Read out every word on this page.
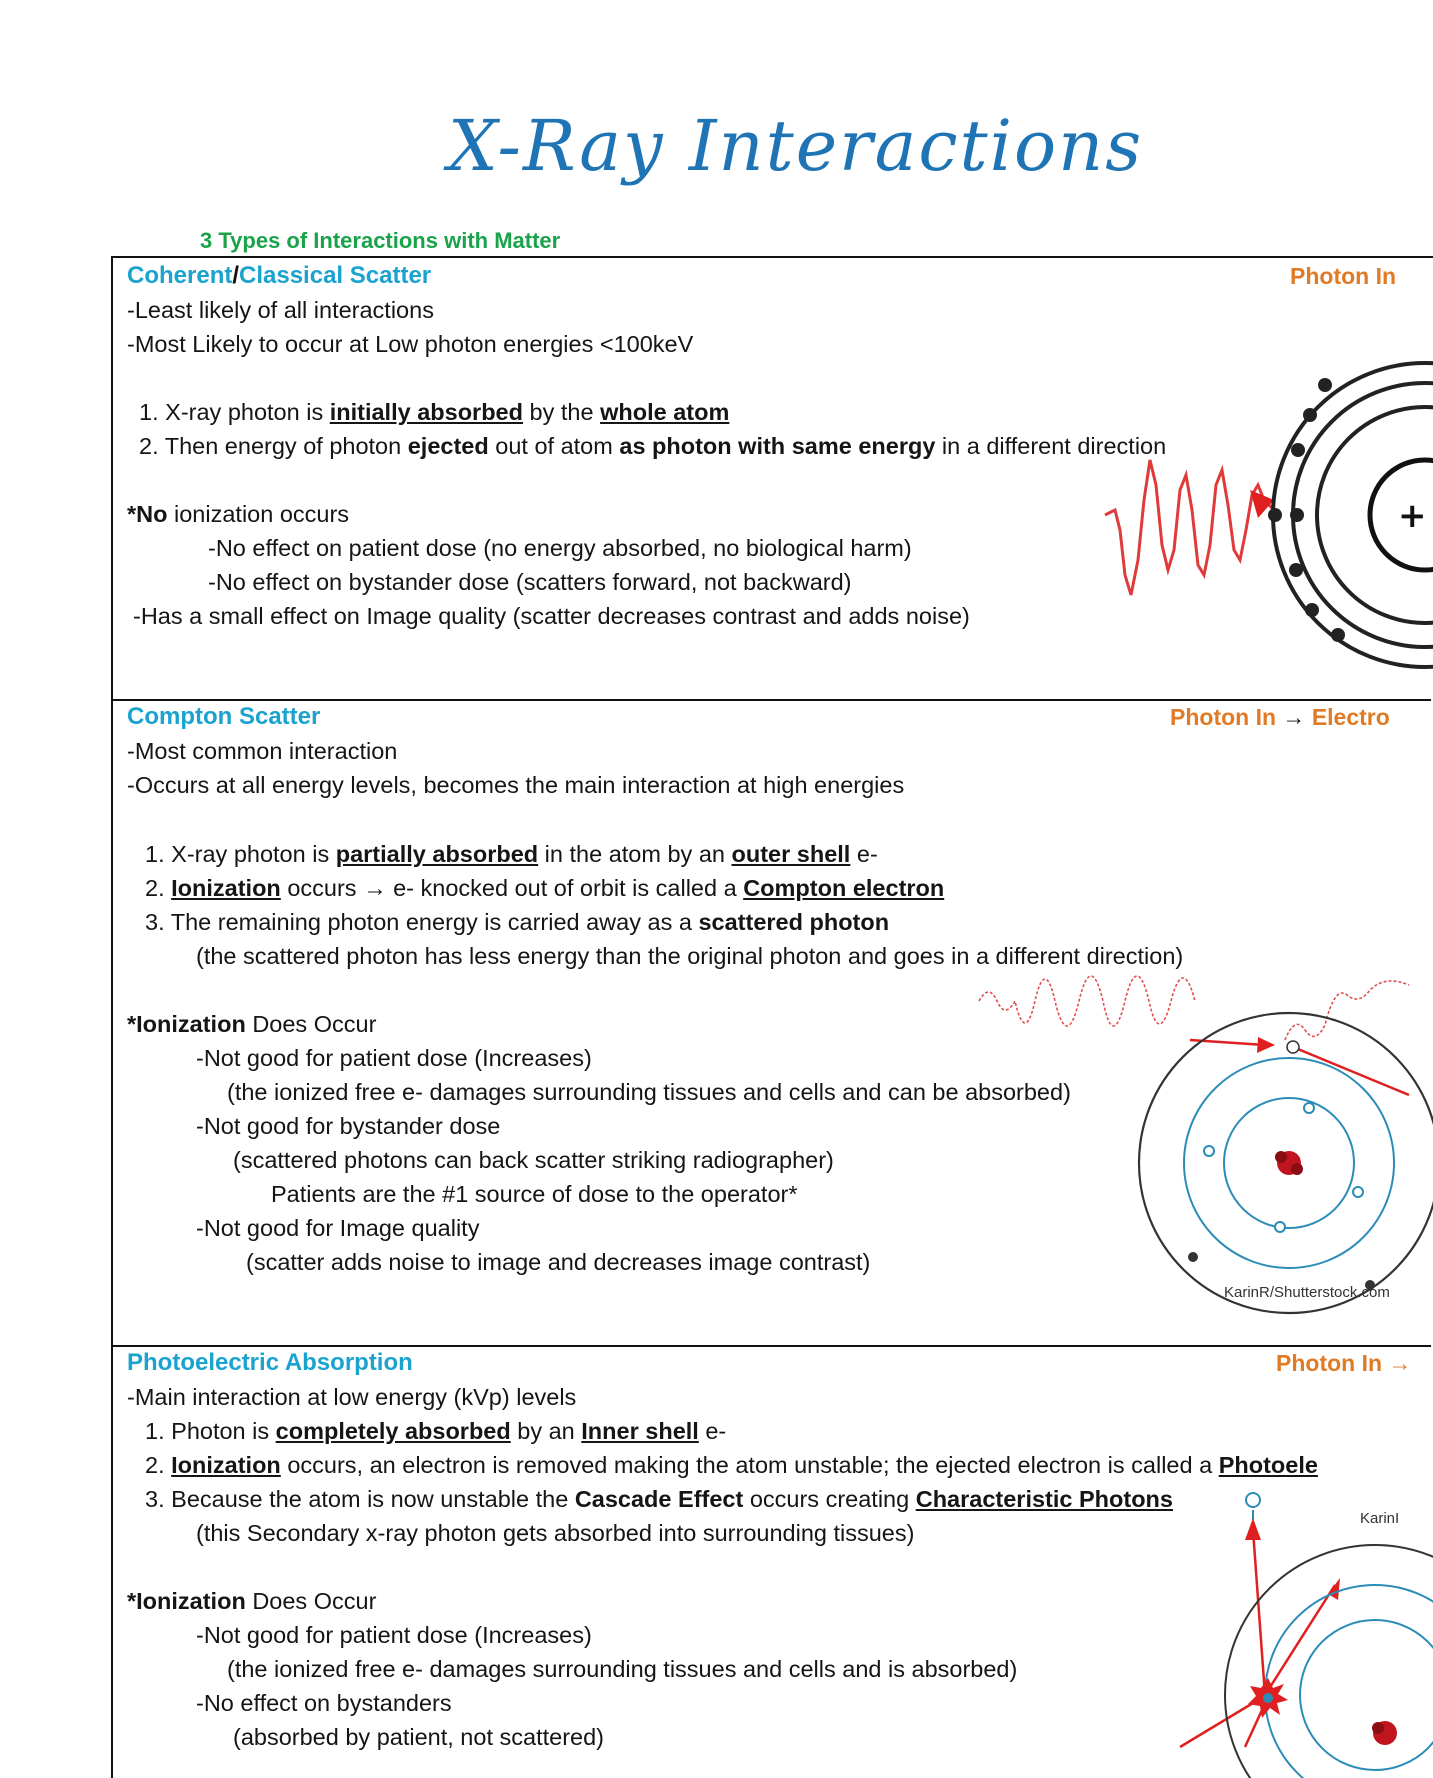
X-Ray Interactions
3 Types of Interactions with Matter
Coherent/Classical Scatter	Photon In
-Least likely of all interactions
-Most Likely to occur at Low photon energies <100keV
1. X-ray photon is initially absorbed by the whole atom
2. Then energy of photon ejected out of atom as photon with same energy in a different direction
*No ionization occurs
-No effect on patient dose (no energy absorbed, no biological harm)
-No effect on bystander dose (scatters forward, not backward)
-Has a small effect on Image quality (scatter decreases contrast and adds noise)
+
Compton Scatter	Photon In → Electro
-Most common interaction
-Occurs at all energy levels, becomes the main interaction at high energies
1. X-ray photon is partially absorbed in the atom by an outer shell e-
2. Ionization occurs → e- knocked out of orbit is called a Compton electron
3. The remaining photon energy is carried away as a scattered photon
(the scattered photon has less energy than the original photon and goes in a different direction)
*Ionization Does Occur
-Not good for patient dose (Increases)
(the ionized free e- damages surrounding tissues and cells and can be absorbed)
-Not good for bystander dose
(scattered photons can back scatter striking radiographer)
Patients are the #1 source of dose to the operator*
-Not good for Image quality
(scatter adds noise to image and decreases image contrast)
KarinR/Shutterstock.com
Photoelectric Absorption	Photon In →
-Main interaction at low energy (kVp) levels
1. Photon is completely absorbed by an Inner shell e-
2. Ionization occurs, an electron is removed making the atom unstable; the ejected electron is called a Photoele
3. Because the atom is now unstable the Cascade Effect occurs creating Characteristic Photons
(this Secondary x-ray photon gets absorbed into surrounding tissues)
*Ionization Does Occur
-Not good for patient dose (Increases)
(the ionized free e- damages surrounding tissues and cells and is absorbed)
-No effect on bystanders
(absorbed by patient, not scattered)
KarinI
